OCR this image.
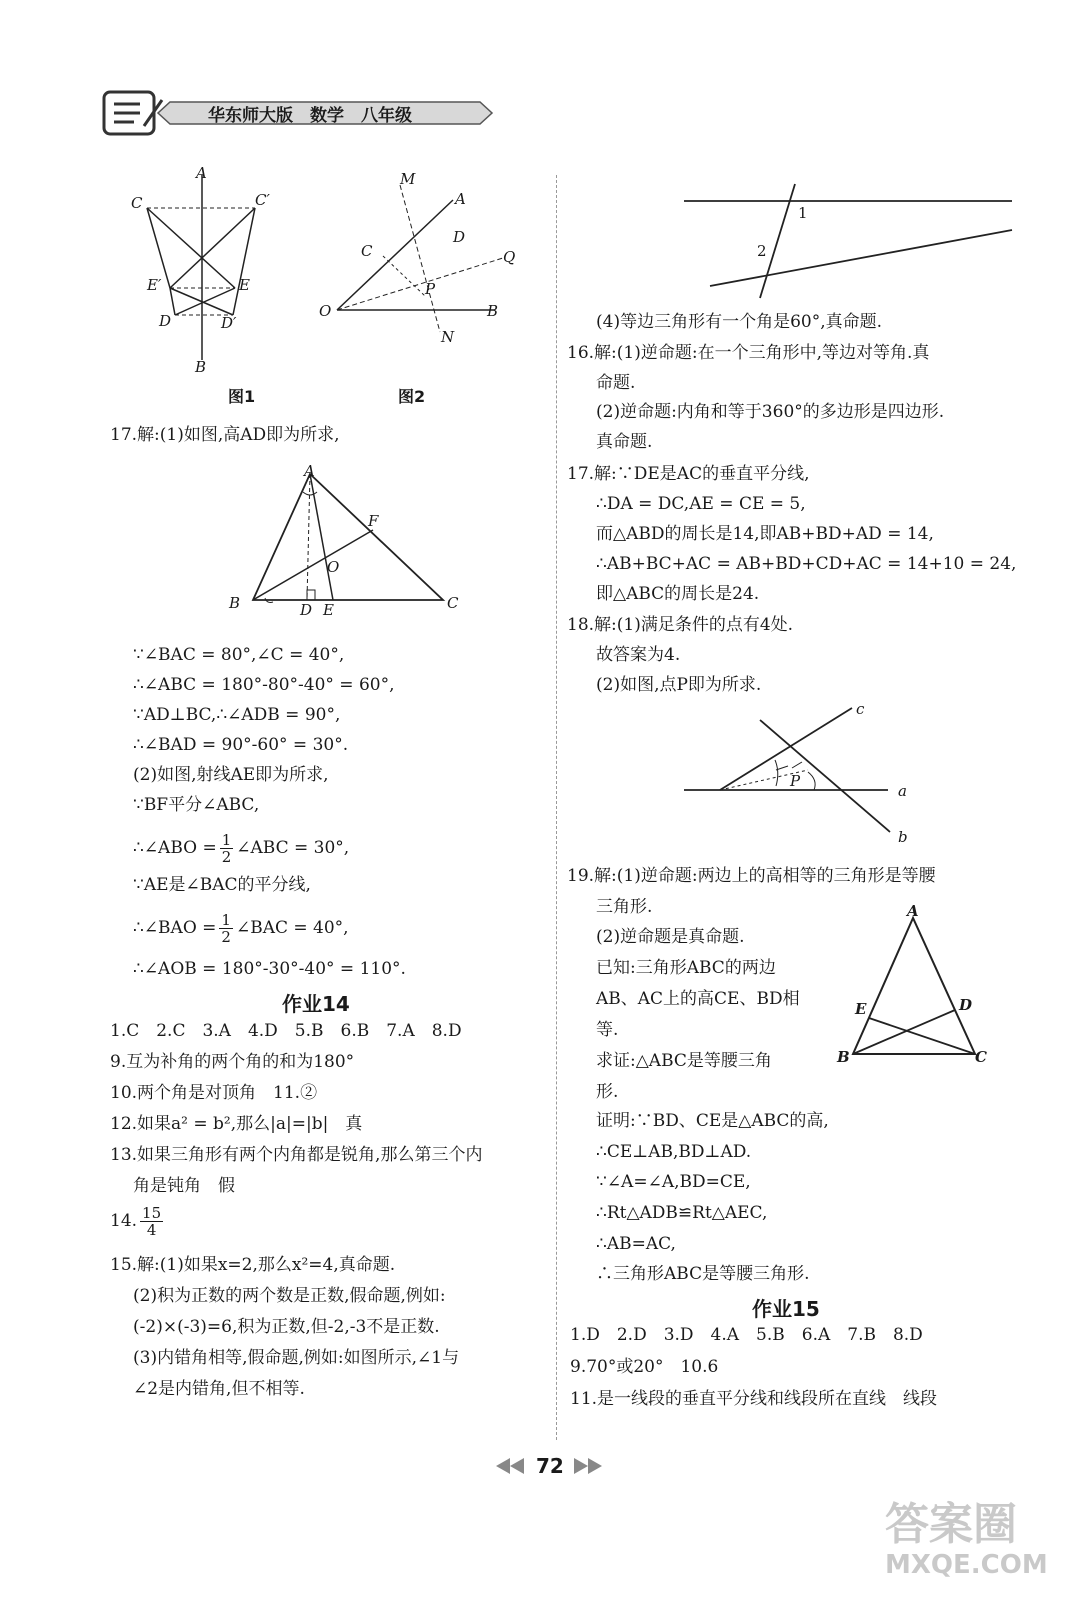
华东师大版　数学　八年级
A
C	C′
E′	E
D	D′
B
图1
M
A
C
D
Q
P
O	B
N
图2
17.解:(1)如图,高AD即为所求,
A
F
O
B	D E	C
∵∠BAC = 80°,∠C = 40°,
∴∠ABC = 180°-80°-40° = 60°,
∵AD⊥BC,∴∠ADB = 90°,
∴∠BAD = 90°-60° = 30°.
(2)如图,射线AE即为所求,
∵BF平分∠ABC,
∴∠ABO = $\frac{1}{2}$ ∠ABC = 30°,
∵AE是∠BAC的平分线,
∴∠BAO = $\frac{1}{2}$ ∠BAC = 40°,
∴∠AOB = 180°-30°-40° = 110°.
作业14
1.C　2.C　3.A　4.D　5.B　6.B　7.A　8.D
9.互为补角的两个角的和为180°
10.两个角是对顶角　11.②
12.如果a² = b²,那么|a|=|b|　真
13.如果三角形有两个内角都是锐角,那么第三个内
角是钝角　假
14. $\frac{15}{4}$
15.解:(1)如果x=2,那么x²=4,真命题.
(2)积为正数的两个数是正数,假命题,例如:
(-2)×(-3)=6,积为正数,但-2,-3不是正数.
(3)内错角相等,假命题,例如:如图所示,∠1与
∠2是内错角,但不相等.
1
2
(4)等边三角形有一个角是60°,真命题.
16.解:(1)逆命题:在一个三角形中,等边对等角.真
命题.
(2)逆命题:内角和等于360°的多边形是四边形.
真命题.
17.解:∵DE是AC的垂直平分线,
∴DA = DC,AE = CE = 5,
而△ABD的周长是14,即AB+BD+AD = 14,
∴AB+BC+AC = AB+BD+CD+AC = 14+10 = 24,
即△ABC的周长是24.
18.解:(1)满足条件的点有4处.
故答案为4.
(2)如图,点P即为所求.
P
c
a
b
19.解:(1)逆命题:两边上的高相等的三角形是等腰
三角形.
(2)逆命题是真命题.
已知:三角形ABC的两边
AB、AC上的高CE、BD相
等.
求证:△ABC是等腰三角
形.
A
E	D
B	C
证明:∵BD、CE是△ABC的高,
∴CE⊥AB,BD⊥AD.
∵∠A=∠A,BD=CE,
∴Rt△ADB≌Rt△AEC,
∴AB=AC,
∴三角形ABC是等腰三角形.
作业15
1.D　2.D　3.D　4.A　5.B　6.A　7.B　8.D
9.70°或20°　10.6
11.是一线段的垂直平分线和线段所在直线　线段
72
答案圈
MXQE.COM
